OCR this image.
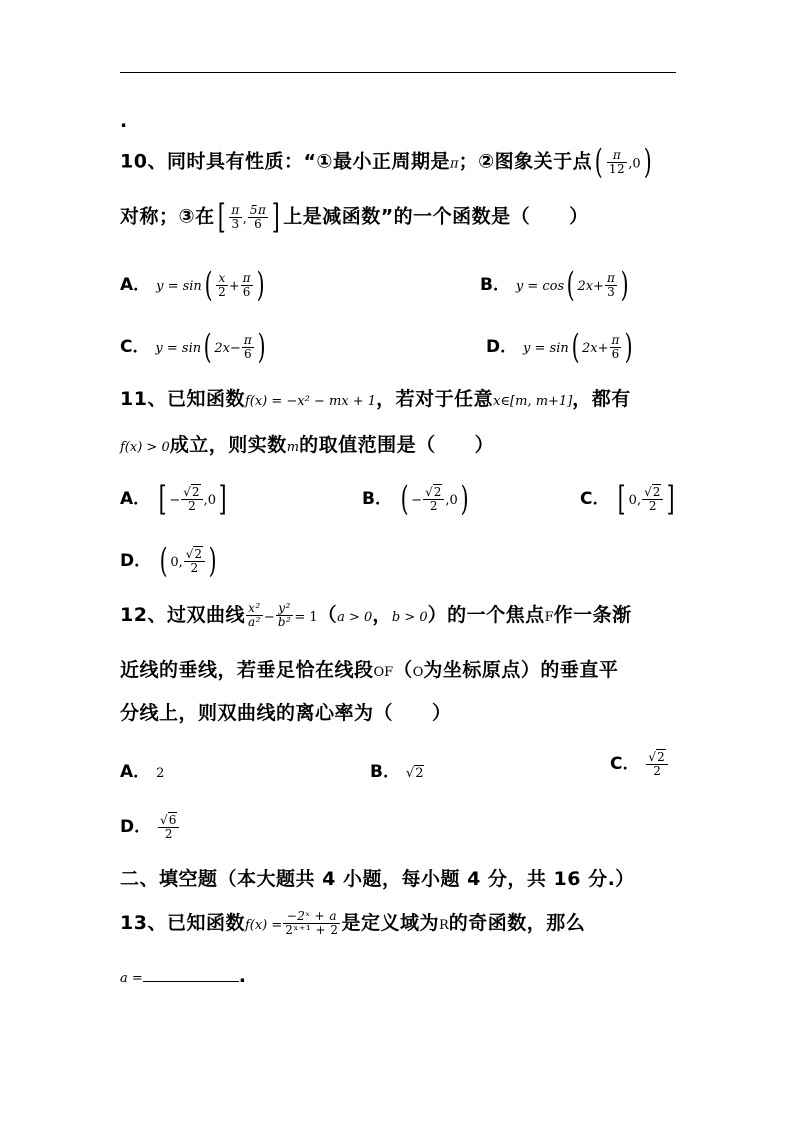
.
10、同时具有性质：“①最小正周期是π；②图象关于点( $\frac{\pi}{12} ,0$)
对称；③在[ $\frac{\pi}{3}$ , $\frac{5\pi}{6}$ ] 上是减函数”的一个函数是（　　）
A． $y = \sin( \frac{x}{2} + \frac{\pi}{6}$ )	B． y = cos( $2x+ \frac{\pi}{3}$ )
C． y = sin( $2x- \frac{\pi}{6}$ )	D． y = sin( $2x+ \frac{\pi}{6}$ )
11、已知函数f(x) = −x² − mx + 1，若对于任意x∈[m, m+1]，都有
f(x) > 0成立，则实数m的取值范围是（　　）
A． [ − $\frac{√2}{2} ,0$]	B． ( − $\frac{√2}{2} ,0$)	C． [ 0, $\frac{√2}{2}$ ]
D． ( 0, $\frac{√2}{2}$ )
12、过双曲线 $\frac{\text{x²}}{\text{a²}} - \frac{\text{y²}}{\text{b²}} = 1(a > 0$，b > 0）的一个焦点F作一条渐
近线的垂线，若垂足恰在线段OF（O为坐标原点）的垂直平
分线上，则双曲线的离心率为（　　）
A． 2	B． √2	C． $\frac{√2}{2}$
D． $\frac{√6}{2}$
二、填空题（本大题共 4 小题，每小题 4 分，共 16 分.）
13、已知函数$f(x) = \frac{\text{−2ˣ + a}}{\text{2ˣ⁺¹ + 2}}$ 是定义域为R的奇函数，那么
a =	.
